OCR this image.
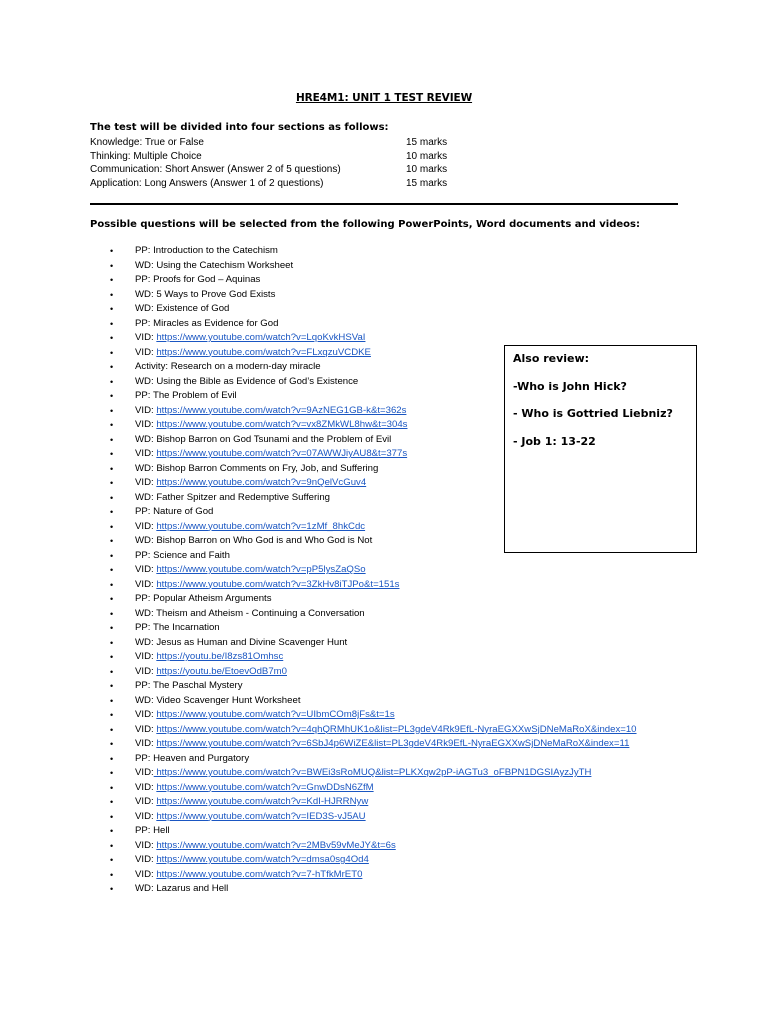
HRE4M1: UNIT 1 TEST REVIEW
The test will be divided into four sections as follows:
Knowledge: True or False	15 marks
Thinking: Multiple Choice	10 marks
Communication: Short Answer (Answer 2 of 5 questions)	10 marks
Application: Long Answers (Answer 1 of 2 questions)	15 marks
Possible questions will be selected from the following PowerPoints, Word documents and videos:
• PP: Introduction to the Catechism
• WD: Using the Catechism Worksheet
• PP: Proofs for God – Aquinas
• WD: 5 Ways to Prove God Exists
• WD: Existence of God
• PP: Miracles as Evidence for God
• VID: https://www.youtube.com/watch?v=LqoKvkHSVaI
• VID: https://www.youtube.com/watch?v=FLxqzuVCDKE
• Activity: Research on a modern-day miracle
• WD: Using the Bible as Evidence of God’s Existence
• PP: The Problem of Evil
• VID: https://www.youtube.com/watch?v=9AzNEG1GB-k&t=362s
• VID: https://www.youtube.com/watch?v=vx8ZMkWL8hw&t=304s
• WD: Bishop Barron on God Tsunami and the Problem of Evil
• VID: https://www.youtube.com/watch?v=07AWWJiyAU8&t=377s
• WD: Bishop Barron Comments on Fry, Job, and Suffering
• VID: https://www.youtube.com/watch?v=9nQelVcGuv4
• WD: Father Spitzer and Redemptive Suffering
• PP: Nature of God
• VID: https://www.youtube.com/watch?v=1zMf_8hkCdc
• WD: Bishop Barron on Who God is and Who God is Not
• PP: Science and Faith
• VID: https://www.youtube.com/watch?v=pP5lysZaQSo
• VID: https://www.youtube.com/watch?v=3ZkHv8iTJPo&t=151s
• PP: Popular Atheism Arguments
• WD: Theism and Atheism - Continuing a Conversation
• PP: The Incarnation
• WD: Jesus as Human and Divine Scavenger Hunt
• VID: https://youtu.be/I8zs81Omhsc
• VID: https://youtu.be/EtoevOdB7m0
• PP: The Paschal Mystery
• WD: Video Scavenger Hunt Worksheet
• VID: https://www.youtube.com/watch?v=UIbmCOm8jFs&t=1s
• VID: https://www.youtube.com/watch?v=4qhQRMhUK1o&list=PL3gdeV4Rk9EfL-NyraEGXXwSjDNeMaRoX&index=10
• VID: https://www.youtube.com/watch?v=6SbJ4p6WiZE&list=PL3gdeV4Rk9EfL-NyraEGXXwSjDNeMaRoX&index=11
• PP: Heaven and Purgatory
• VID: https://www.youtube.com/watch?v=BWEi3sRoMUQ&list=PLKXqw2pP-iAGTu3_oFBPN1DGSIAyzJyTH
• VID: https://www.youtube.com/watch?v=GnwDDsN6ZfM
• VID: https://www.youtube.com/watch?v=KdI-HJRRNyw
• VID: https://www.youtube.com/watch?v=IED3S-vJ5AU
• PP: Hell
• VID: https://www.youtube.com/watch?v=2MBv59vMeJY&t=6s
• VID: https://www.youtube.com/watch?v=dmsa0sg4Od4
• VID: https://www.youtube.com/watch?v=7-hTfkMrET0
• WD: Lazarus and Hell
Also review:
-Who is John Hick?
- Who is Gottried Liebniz?
- Job 1: 13-22
